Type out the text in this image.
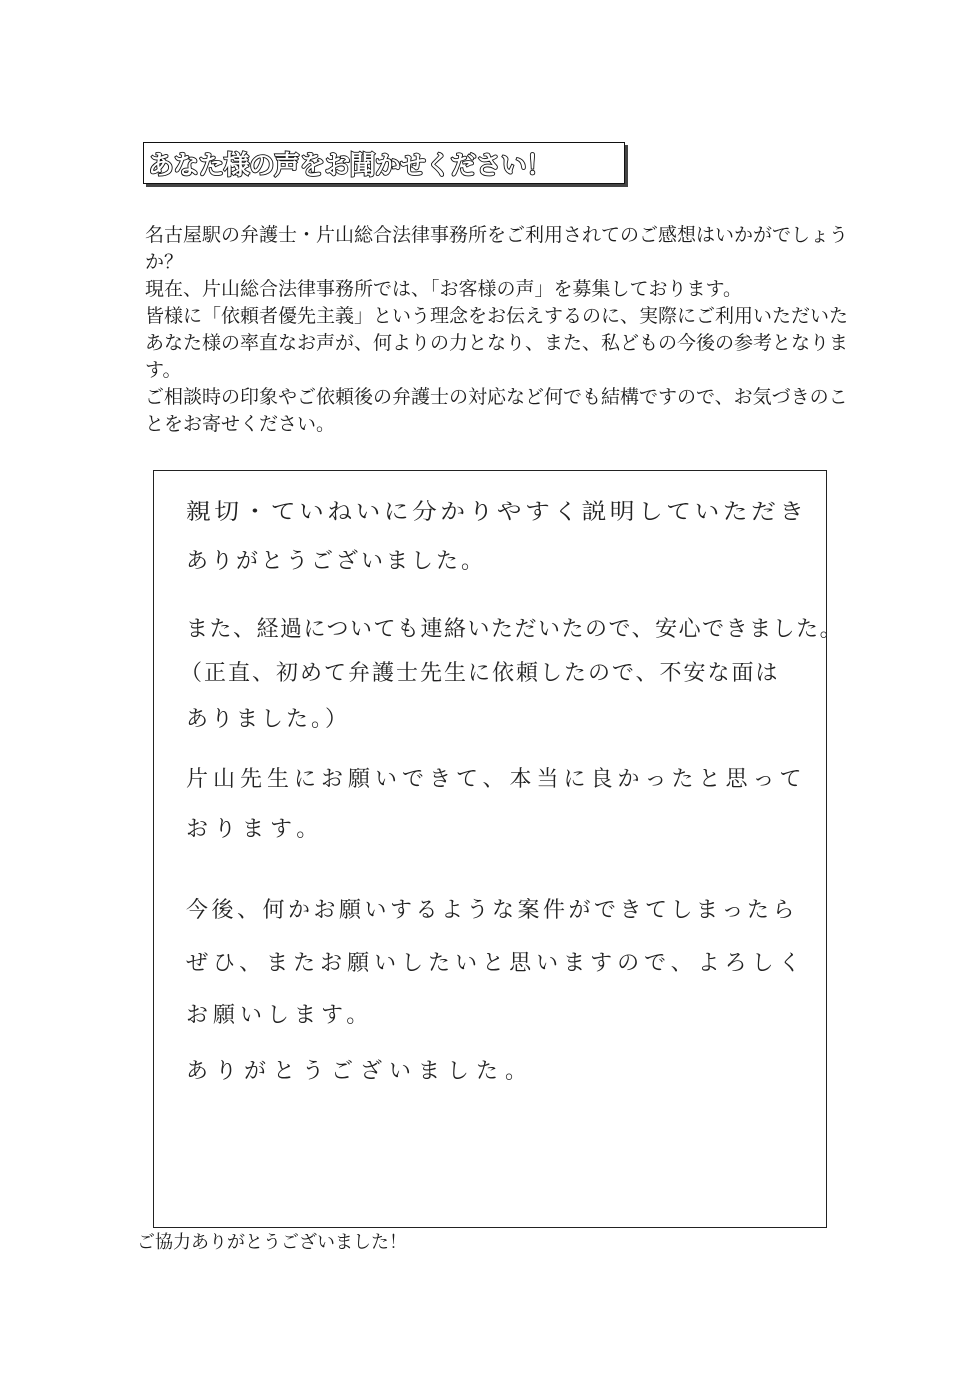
あなた様の声をお聞かせください！

名古屋駅の弁護士・片山総合法律事務所をご利用されてのご感想はいかがでしょうか？

現在、片山総合法律事務所では、「お客様の声」を募集しております。

皆様に「依頼者優先主義」という理念をお伝えするのに、実際にご利用いただいたあなた様の率直なお声が、何よりの力となり、また、私どもの今後の参考となります。

ご相談時の印象やご依頼後の弁護士の対応など何でも結構ですので、お気づきのことをお寄せください。

親切・ていねいに分かりやすく説明していただき
ありがとうございました。
また、経過についても連絡いただいたので、安心できました。
（正直、初めて弁護士先生に依頼したので、不安な面は
ありました。）
片山先生にお願いできて、本当に良かったと思って
おります。
今後、何かお願いするような案件ができてしまったら
ぜひ、またお願いしたいと思いますので、よろしく
お願いします。
ありがとうございました。
ご協力ありがとうございました！
